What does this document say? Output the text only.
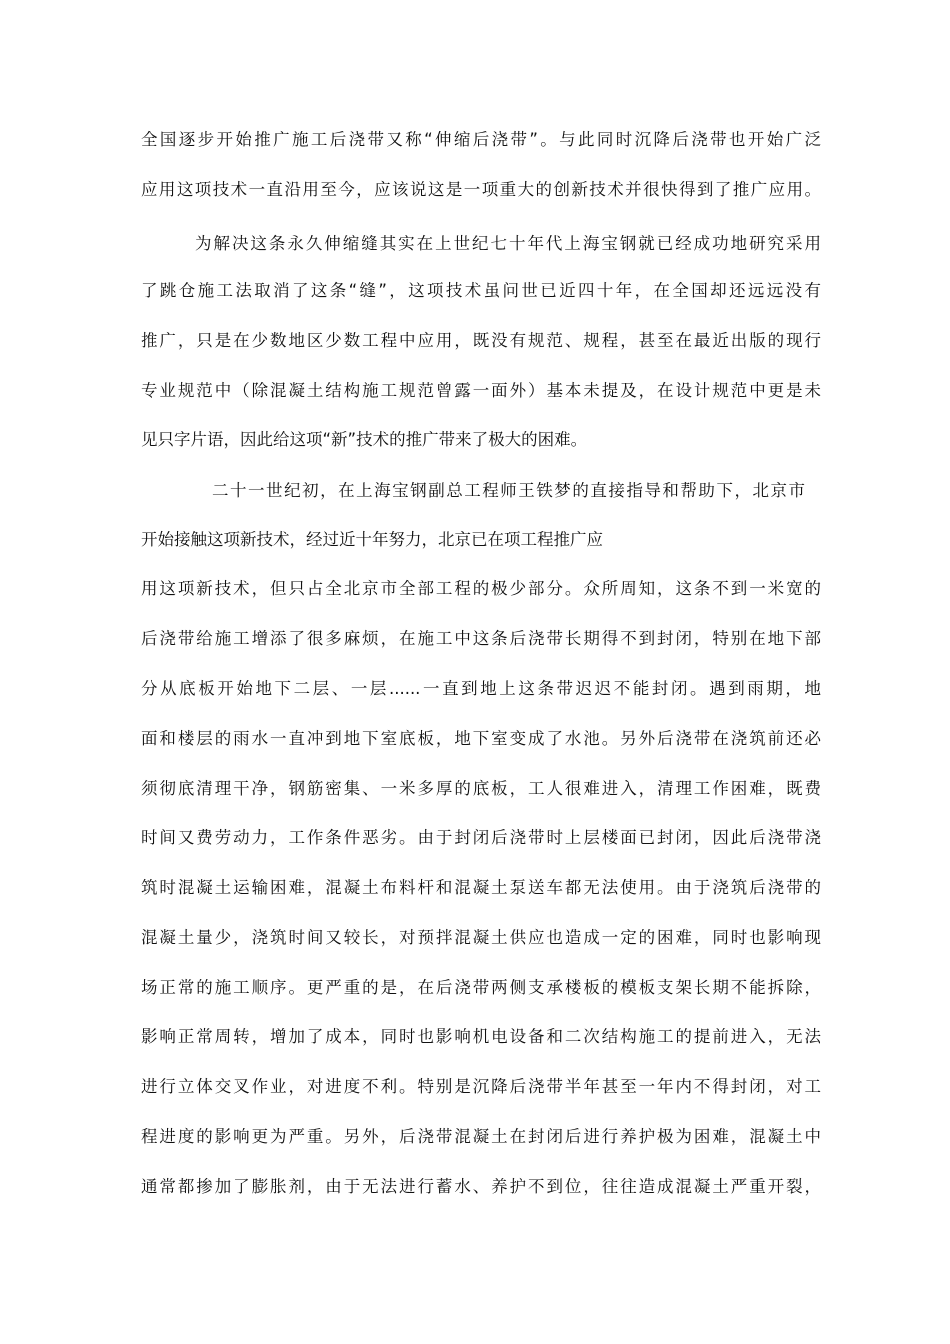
全国逐步开始推广施工后浇带又称“伸缩后浇带”。与此同时沉降后浇带也开始广泛
应用这项技术一直沿用至今，应该说这是一项重大的创新技术并很快得到了推广应用。
为解决这条永久伸缩缝其实在上世纪七十年代上海宝钢就已经成功地研究采用
了跳仓施工法取消了这条“缝”，这项技术虽问世已近四十年，在全国却还远远没有
推广，只是在少数地区少数工程中应用，既没有规范、规程，甚至在最近出版的现行
专业规范中（除混凝土结构施工规范曾露一面外）基本未提及，在设计规范中更是未
见只字片语，因此给这项“新”技术的推广带来了极大的困难。
二十一世纪初，在上海宝钢副总工程师王铁梦的直接指导和帮助下，北京市
开始接触这项新技术，经过近十年努力，北京已在项工程推广应
用这项新技术，但只占全北京市全部工程的极少部分。众所周知，这条不到一米宽的
后浇带给施工增添了很多麻烦，在施工中这条后浇带长期得不到封闭，特别在地下部
分从底板开始地下二层、一层......一直到地上这条带迟迟不能封闭。遇到雨期，地
面和楼层的雨水一直冲到地下室底板，地下室变成了水池。另外后浇带在浇筑前还必
须彻底清理干净，钢筋密集、一米多厚的底板，工人很难进入，清理工作困难，既费
时间又费劳动力，工作条件恶劣。由于封闭后浇带时上层楼面已封闭，因此后浇带浇
筑时混凝土运输困难，混凝土布料杆和混凝土泵送车都无法使用。由于浇筑后浇带的
混凝土量少，浇筑时间又较长，对预拌混凝土供应也造成一定的困难，同时也影响现
场正常的施工顺序。更严重的是，在后浇带两侧支承楼板的模板支架长期不能拆除，
影响正常周转，增加了成本，同时也影响机电设备和二次结构施工的提前进入，无法
进行立体交叉作业，对进度不利。特别是沉降后浇带半年甚至一年内不得封闭，对工
程进度的影响更为严重。另外，后浇带混凝土在封闭后进行养护极为困难，混凝土中
通常都掺加了膨胀剂，由于无法进行蓄水、养护不到位，往往造成混凝土严重开裂，
